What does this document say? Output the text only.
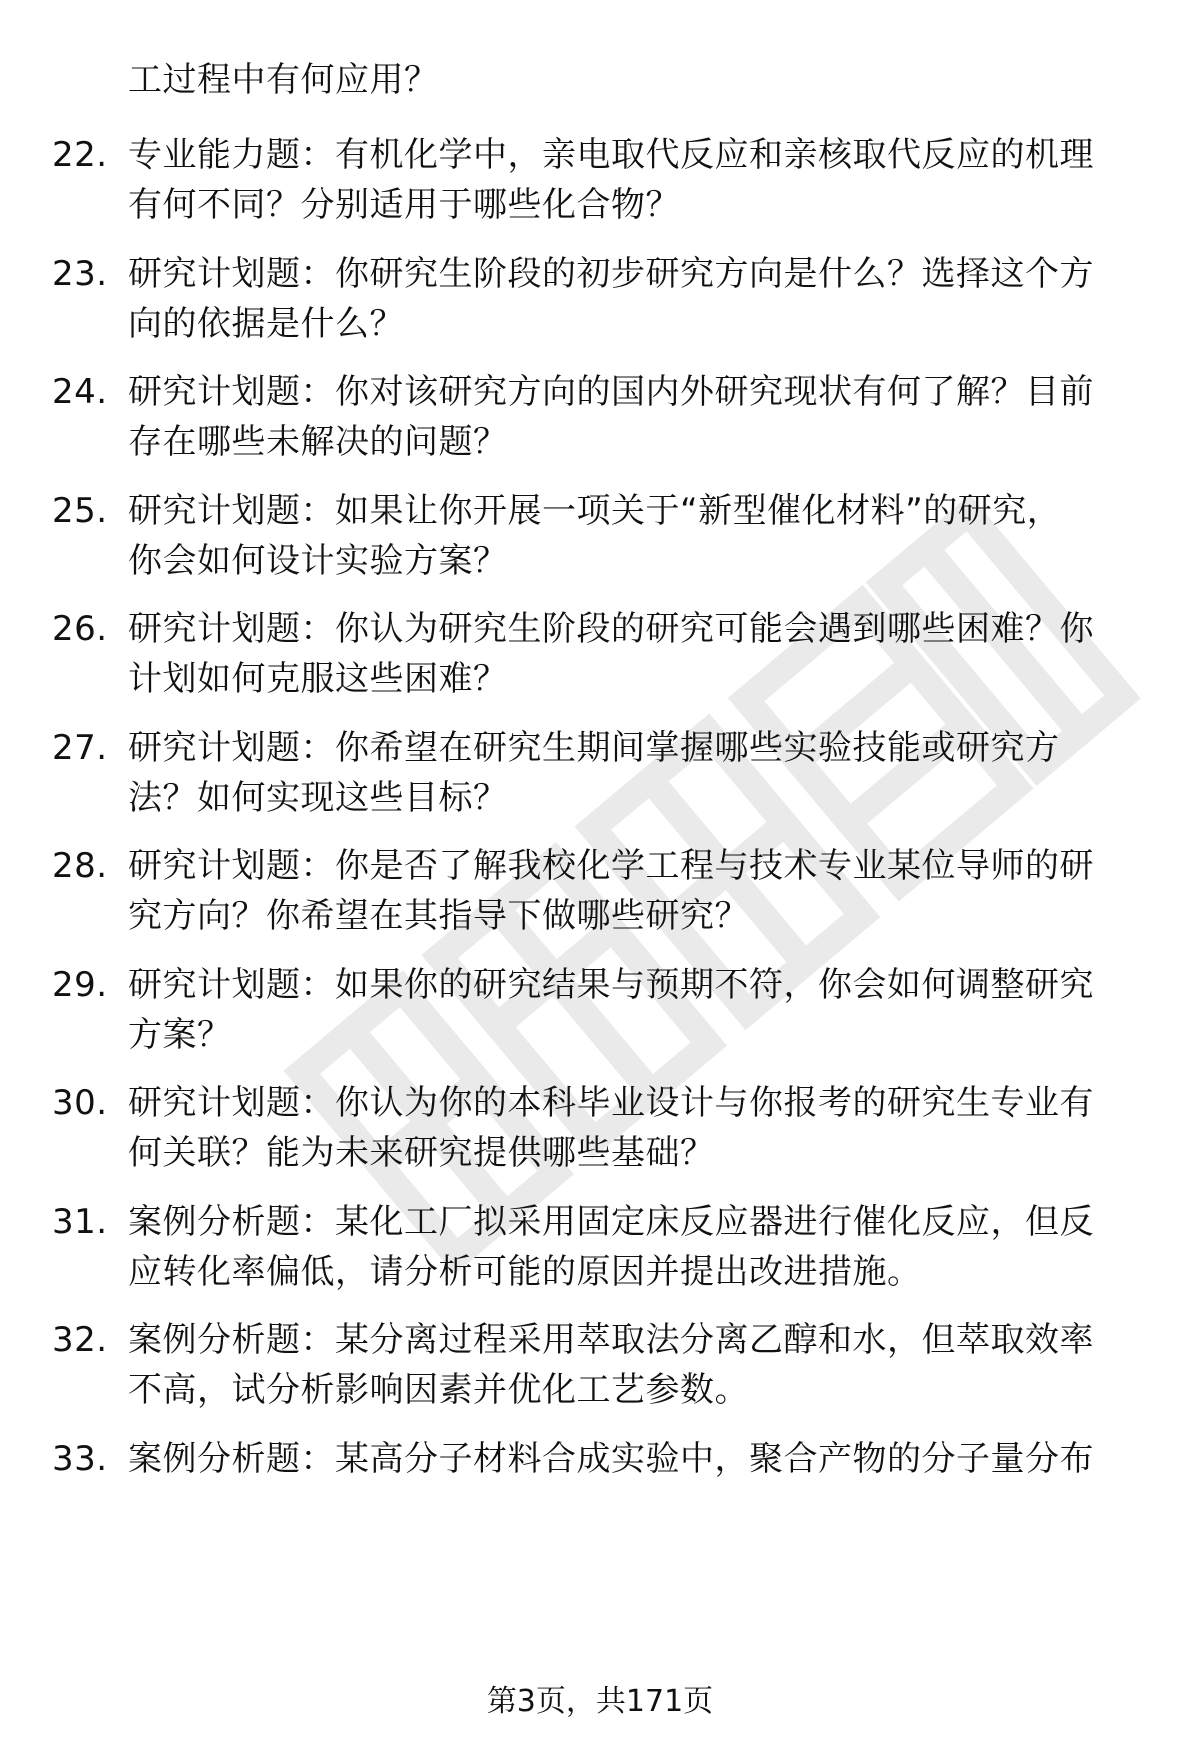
工过程中有何应用？
22. 专业能力题：有机化学中，亲电取代反应和亲核取代反应的机理
有何不同？分别适用于哪些化合物？
23. 研究计划题：你研究生阶段的初步研究方向是什么？选择这个方
向的依据是什么？
24. 研究计划题：你对该研究方向的国内外研究现状有何了解？目前
存在哪些未解决的问题？
25. 研究计划题：如果让你开展一项关于“新型催化材料”的研究，
你会如何设计实验方案？
26. 研究计划题：你认为研究生阶段的研究可能会遇到哪些困难？你
计划如何克服这些困难？
27. 研究计划题：你希望在研究生期间掌握哪些实验技能或研究方
法？如何实现这些目标？
28. 研究计划题：你是否了解我校化学工程与技术专业某位导师的研
究方向？你希望在其指导下做哪些研究？
29. 研究计划题：如果你的研究结果与预期不符，你会如何调整研究
方案？
30. 研究计划题：你认为你的本科毕业设计与你报考的研究生专业有
何关联？能为未来研究提供哪些基础？
31. 案例分析题：某化工厂拟采用固定床反应器进行催化反应，但反
应转化率偏低，请分析可能的原因并提出改进措施。
32. 案例分析题：某分离过程采用萃取法分离乙醇和水，但萃取效率
不高，试分析影响因素并优化工艺参数。
33. 案例分析题：某高分子材料合成实验中，聚合产物的分子量分布
第3页，共171页
